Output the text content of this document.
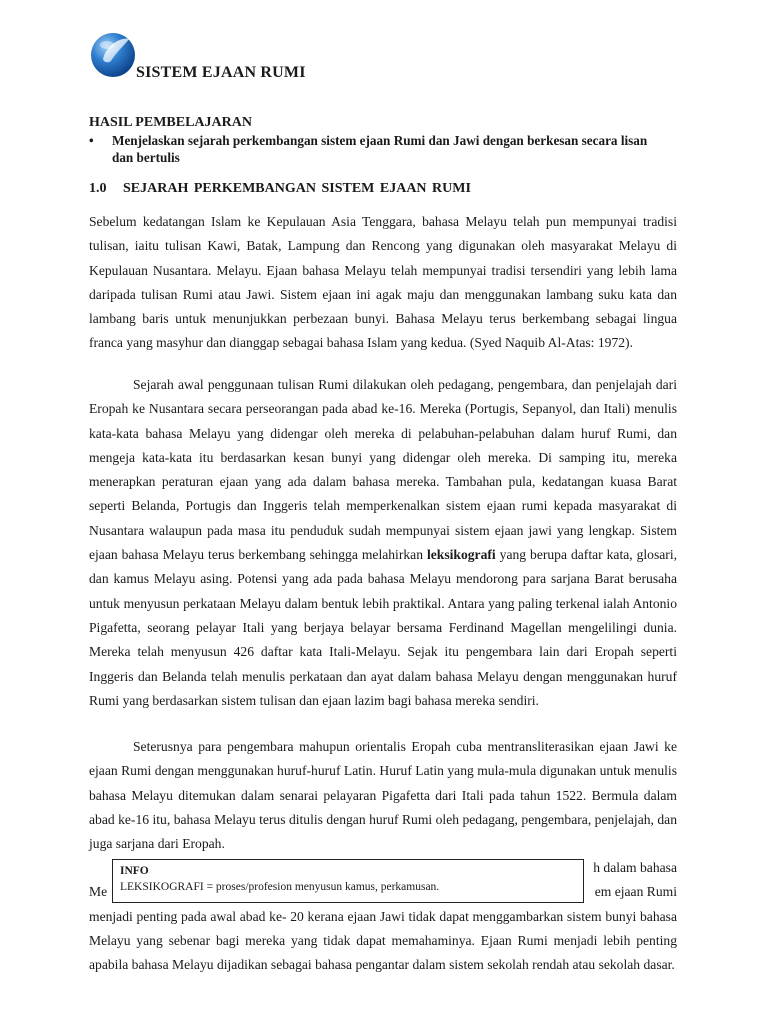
SISTEM EJAAN RUMI
HASIL PEMBELAJARAN
•	Menjelaskan sejarah perkembangan sistem ejaan Rumi dan Jawi dengan berkesan secara lisan dan bertulis
1.0 SEJARAH PERKEMBANGAN SISTEM EJAAN RUMI

Sebelum kedatangan Islam ke Kepulauan Asia Tenggara, bahasa Melayu telah pun mempunyai tradisi tulisan, iaitu tulisan Kawi, Batak, Lampung dan Rencong yang digunakan oleh masyarakat Melayu di Kepulauan Nusantara. Melayu. Ejaan bahasa Melayu telah mempunyai tradisi tersendiri yang lebih lama daripada tulisan Rumi atau Jawi. Sistem ejaan ini agak maju dan menggunakan lambang suku kata dan lambang baris untuk menunjukkan perbezaan bunyi. Bahasa Melayu terus berkembang sebagai lingua franca yang masyhur dan dianggap sebagai bahasa Islam yang kedua. (Syed Naquib Al-Atas: 1972).

Sejarah awal penggunaan tulisan Rumi dilakukan oleh pedagang, pengembara, dan penjelajah dari Eropah ke Nusantara secara perseorangan pada abad ke-16. Mereka (Portugis, Sepanyol, dan Itali) menulis kata-kata bahasa Melayu yang didengar oleh mereka di pelabuhan-pelabuhan dalam huruf Rumi, dan mengeja kata-kata itu berdasarkan kesan bunyi yang didengar oleh mereka. Di samping itu, mereka menerapkan peraturan ejaan yang ada dalam bahasa mereka. Tambahan pula, kedatangan kuasa Barat seperti Belanda, Portugis dan Inggeris telah memperkenalkan sistem ejaan rumi kepada masyarakat di Nusantara walaupun pada masa itu penduduk sudah mempunyai sistem ejaan jawi yang lengkap. Sistem ejaan bahasa Melayu terus berkembang sehingga melahirkan leksikografi yang berupa daftar kata, glosari, dan kamus Melayu asing. Potensi yang ada pada bahasa Melayu mendorong para sarjana Barat berusaha untuk menyusun perkataan Melayu dalam bentuk lebih praktikal. Antara yang paling terkenal ialah Antonio Pigafetta, seorang pelayar Itali yang berjaya belayar bersama Ferdinand Magellan mengelilingi dunia. Mereka telah menyusun 426 daftar kata Itali-Melayu. Sejak itu pengembara lain dari Eropah seperti Inggeris dan Belanda telah menulis perkataan dan ayat dalam bahasa Melayu dengan menggunakan huruf Rumi yang berdasarkan sistem tulisan dan ejaan lazim bagi bahasa mereka sendiri.

Seterusnya para pengembara mahupun orientalis Eropah cuba mentransliterasikan ejaan Jawi ke ejaan Rumi dengan menggunakan huruf-huruf Latin. Huruf Latin yang mula-mula digunakan untuk menulis bahasa Melayu ditemukan dalam senarai pelayaran Pigafetta dari Itali pada tahun 1522. Bermula dalam abad ke-16 itu, bahasa Melayu terus ditulis dengan huruf Rumi oleh pedagang, pengembara, penjelajah, dan juga sarjana dari Eropah.

h dalam bahasa
Me	em ejaan Rumi
menjadi penting pada awal abad ke- 20 kerana ejaan Jawi tidak dapat menggambarkan sistem bunyi bahasa Melayu yang sebenar bagi mereka yang tidak dapat memahaminya. Ejaan Rumi menjadi lebih penting apabila bahasa Melayu dijadikan sebagai bahasa pengantar dalam sistem sekolah rendah atau sekolah dasar.
INFO
LEKSIKOGRAFI = proses/profesion menyusun kamus, perkamusan.
